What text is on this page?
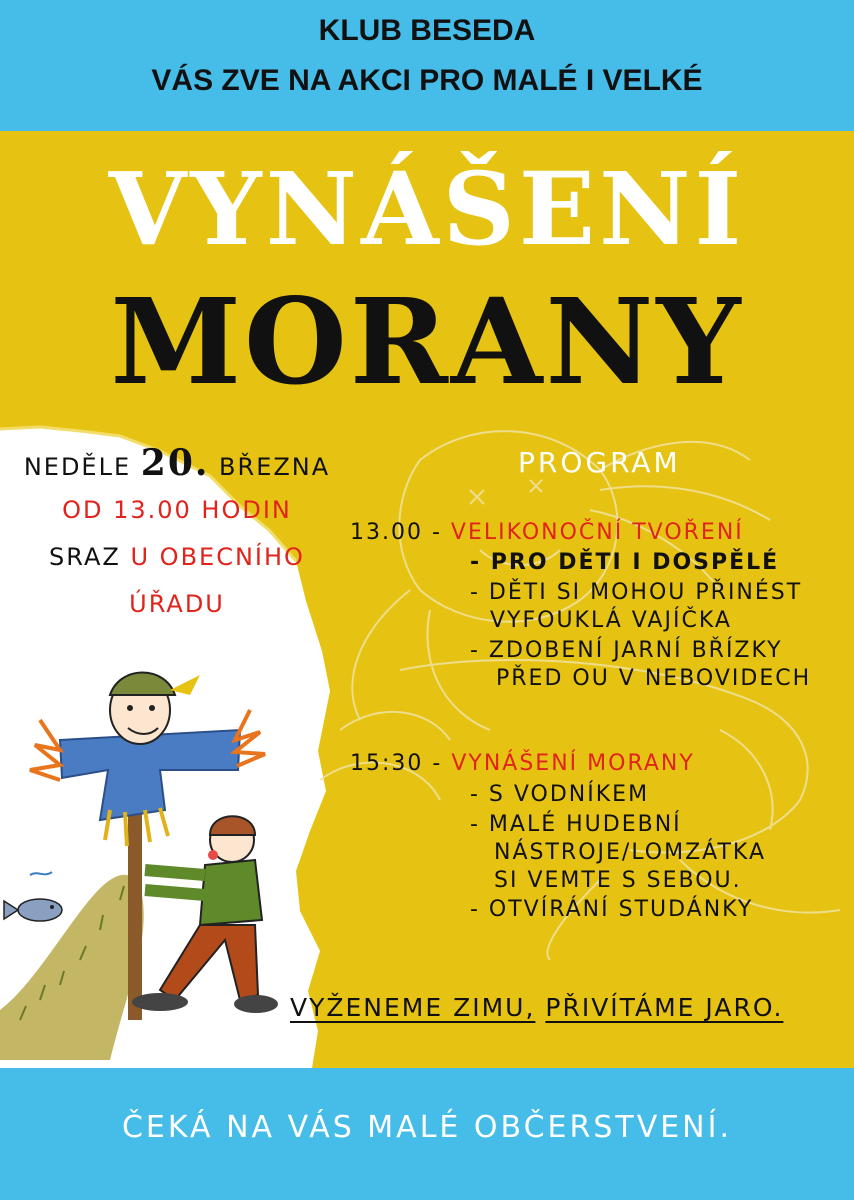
KLUB BESEDA
VÁS ZVE NA AKCI PRO MALÉ I VELKÉ
VYNÁŠENÍ
MORANY
NEDĚLE 20. BŘEZNA
OD 13.00 HODIN
SRAZ U OBECNÍHO
ÚŘADU
PROGRAM
13.00 - VELIKONOČNÍ TVOŘENÍ
- PRO DĚTI I DOSPĚLÉ
- DĚTI SI MOHOU PŘINÉST
VYFOUKLÁ VAJÍČKA
- ZDOBENÍ JARNÍ BŘÍZKY
PŘED OU V NEBOVIDECH
15:30 - VYNÁŠENÍ MORANY
- S VODNÍKEM
- MALÉ HUDEBNÍ
NÁSTROJE/LOMZÁTKA
SI VEMTE S SEBOU.
- OTVÍRÁNÍ STUDÁNKY
VYŽENEME ZIMU, PŘIVÍTÁME JARO.
ČEKÁ NA VÁS MALÉ OBČERSTVENÍ.
